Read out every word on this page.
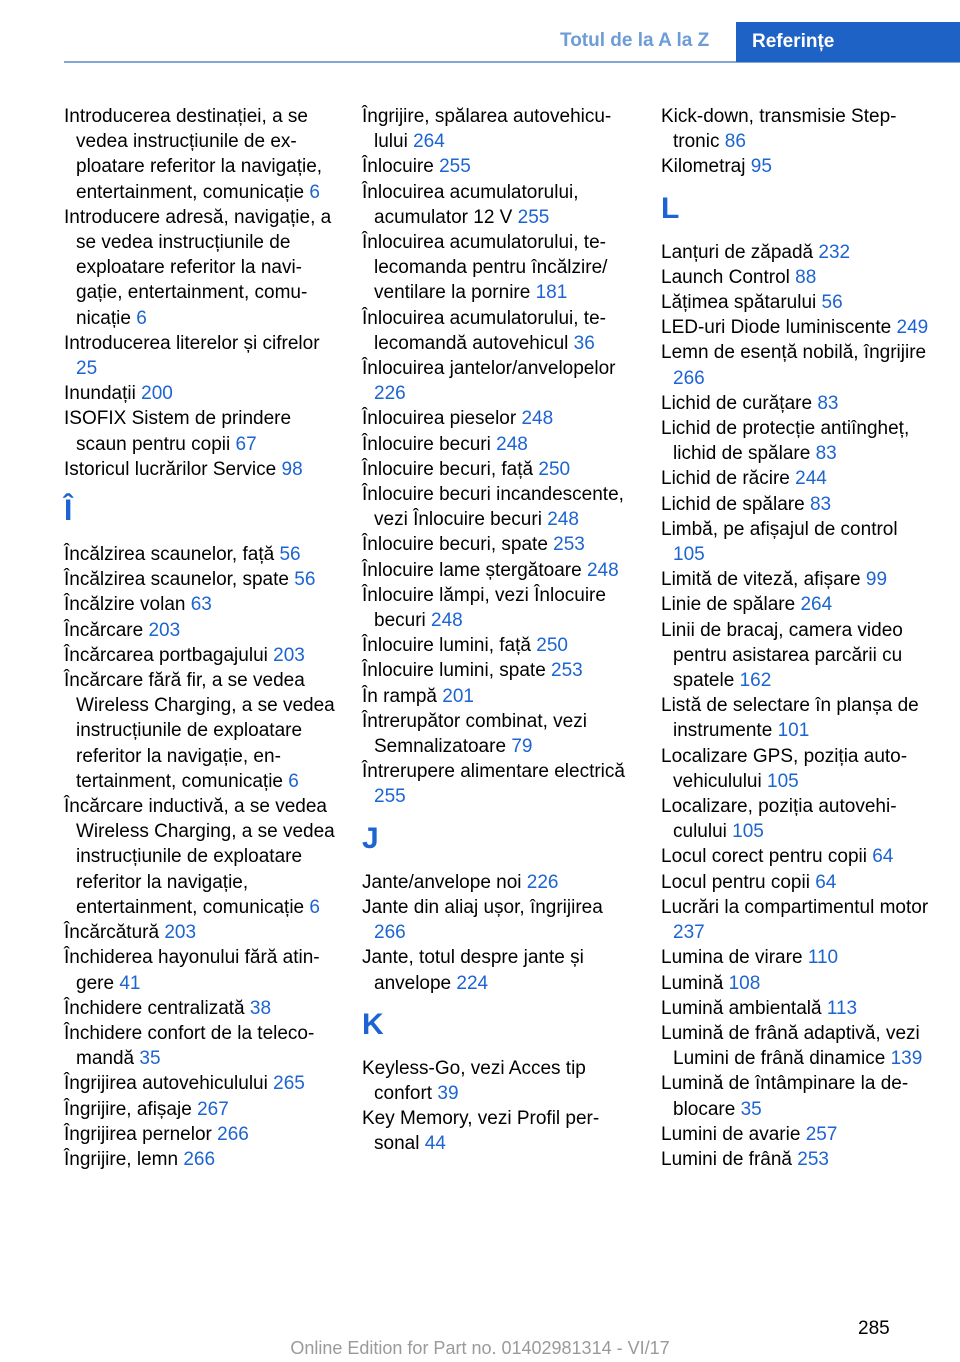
Totul de la A la Z	Referințe
Introducerea destinației, a se vedea instrucțiunile de exploatare referitor la navigație, entertainment, comunicație 6
Introducere adresă, navigație, a se vedea instrucțiunile de exploatare referitor la navigație, entertainment, comunicație 6
Introducerea literelor și cifrelor 25
Inundații 200
ISOFIX Sistem de prindere scaun pentru copii 67
Istoricul lucrărilor Service 98
Î
Încălzirea scaunelor, față 56
Încălzirea scaunelor, spate 56
Încălzire volan 63
Încărcare 203
Încărcarea portbagajului 203
Încărcare fără fir, a se vedea Wireless Charging, a se vedea instrucțiunile de exploatare referitor la navigație, entertainment, comunicație 6
Încărcare inductivă, a se vedea Wireless Charging, a se vedea instrucțiunile de exploatare referitor la navigație, entertainment, comunicație 6
Încărcătură 203
Închiderea hayonului fără atingere 41
Închidere centralizată 38
Închidere confort de la telecomandă 35
Îngrijirea autovehiculului 265
Îngrijire, afișaje 267
Îngrijirea pernelor 266
Îngrijire, lemn 266
Îngrijire, spălarea autovehiculului 264
Înlocuire 255
Înlocuirea acumulatorului, acumulator 12 V 255
Înlocuirea acumulatorului, telecomanda pentru încălzire/ ventilare la pornire 181
Înlocuirea acumulatorului, telecomandă autovehicul 36
Înlocuirea jantelor/anvelopelor 226
Înlocuirea pieselor 248
Înlocuire becuri 248
Înlocuire becuri, față 250
Înlocuire becuri incandescente, vezi Înlocuire becuri 248
Înlocuire becuri, spate 253
Înlocuire lame ștergătoare 248
Înlocuire lămpi, vezi Înlocuire becuri 248
Înlocuire lumini, față 250
Înlocuire lumini, spate 253
În rampă 201
Întrerupător combinat, vezi Semnalizatoare 79
Întrerupere alimentare electrică 255
J
Jante/anvelope noi 226
Jante din aliaj ușor, îngrijirea 266
Jante, totul despre jante și anvelope 224
K
Keyless-Go, vezi Acces tip confort 39
Key Memory, vezi Profil personal 44
Kick-down, transmisie Steptronic 86
Kilometraj 95
L
Lanțuri de zăpadă 232
Launch Control 88
Lățimea spătarului 56
LED-uri Diode luminiscente 249
Lemn de esență nobilă, îngrijire 266
Lichid de curățare 83
Lichid de protecție antiîngheț, lichid de spălare 83
Lichid de răcire 244
Lichid de spălare 83
Limbă, pe afișajul de control 105
Limită de viteză, afișare 99
Linie de spălare 264
Linii de bracaj, camera video pentru asistarea parcării cu spatele 162
Listă de selectare în planșa de instrumente 101
Localizare GPS, poziția autovehiculului 105
Localizare, poziția autovehiculului 105
Locul corect pentru copii 64
Locul pentru copii 64
Lucrări la compartimentul motor 237
Lumina de virare 110
Lumină 108
Lumină ambientală 113
Lumină de frână adaptivă, vezi Lumini de frână dinamice 139
Lumină de întâmpinare la deblocare 35
Lumini de avarie 257
Lumini de frână 253
285
Online Edition for Part no. 01402981314 - VI/17
